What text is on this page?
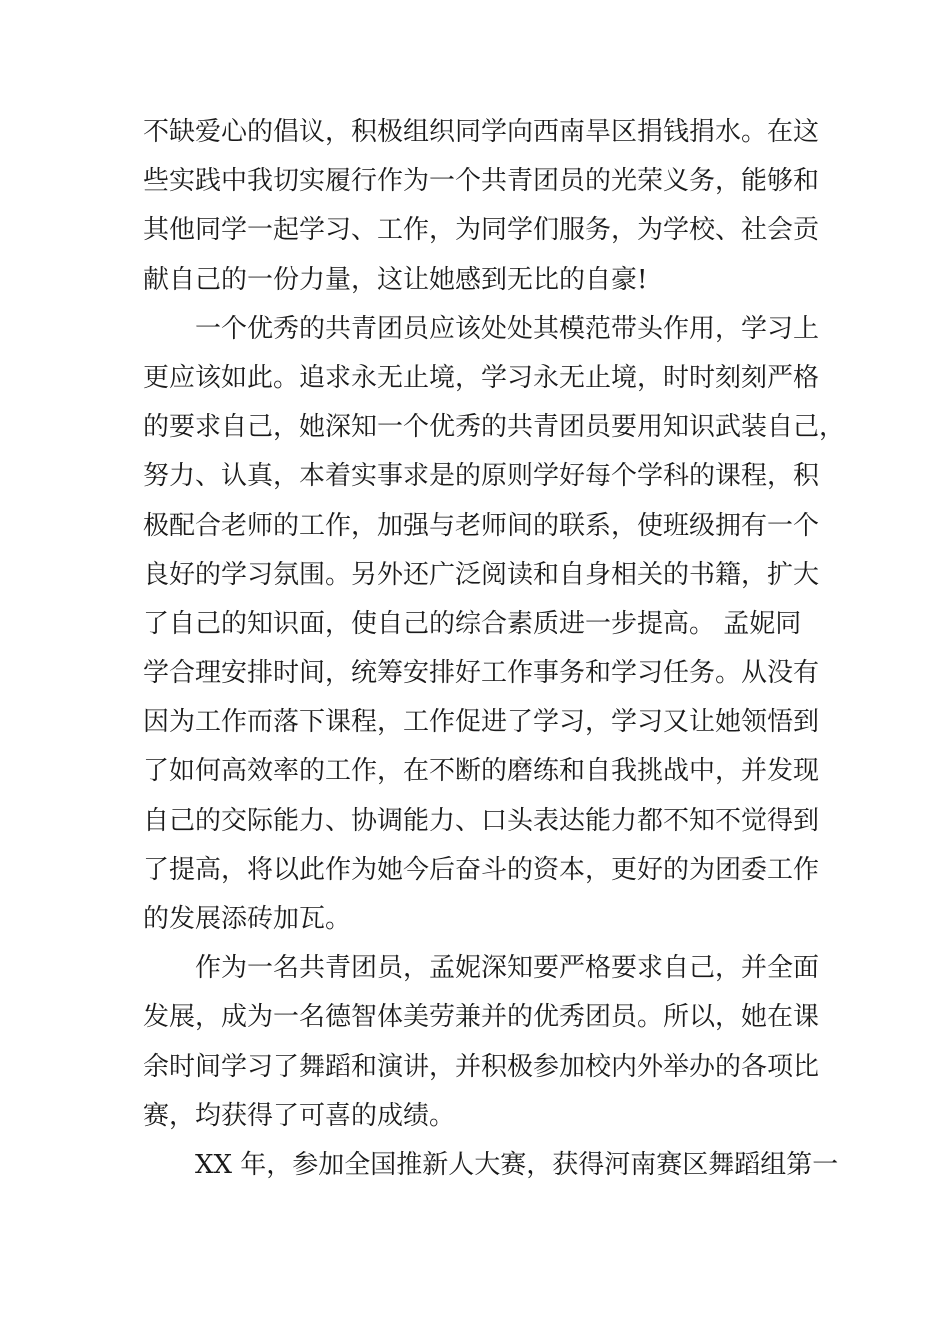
不缺爱心的倡议，积极组织同学向西南旱区捐钱捐水。在这
些实践中我切实履行作为一个共青团员的光荣义务，能够和
其他同学一起学习、工作，为同学们服务，为学校、社会贡
献自己的一份力量，这让她感到无比的自豪!
一个优秀的共青团员应该处处其模范带头作用，学习上
更应该如此。追求永无止境，学习永无止境，时时刻刻严格
的要求自己，她深知一个优秀的共青团员要用知识武装自己，
努力、认真，本着实事求是的原则学好每个学科的课程，积
极配合老师的工作，加强与老师间的联系，使班级拥有一个
良好的学习氛围。另外还广泛阅读和自身相关的书籍，扩大
了自己的知识面，使自己的综合素质进一步提高。 孟妮同
学合理安排时间，统筹安排好工作事务和学习任务。从没有
因为工作而落下课程，工作促进了学习，学习又让她领悟到
了如何高效率的工作，在不断的磨练和自我挑战中，并发现
自己的交际能力、协调能力、口头表达能力都不知不觉得到
了提高，将以此作为她今后奋斗的资本，更好的为团委工作
的发展添砖加瓦。
作为一名共青团员，孟妮深知要严格要求自己，并全面
发展，成为一名德智体美劳兼并的优秀团员。所以，她在课
余时间学习了舞蹈和演讲，并积极参加校内外举办的各项比
赛，均获得了可喜的成绩。
XX 年，参加全国推新人大赛，获得河南赛区舞蹈组第一
